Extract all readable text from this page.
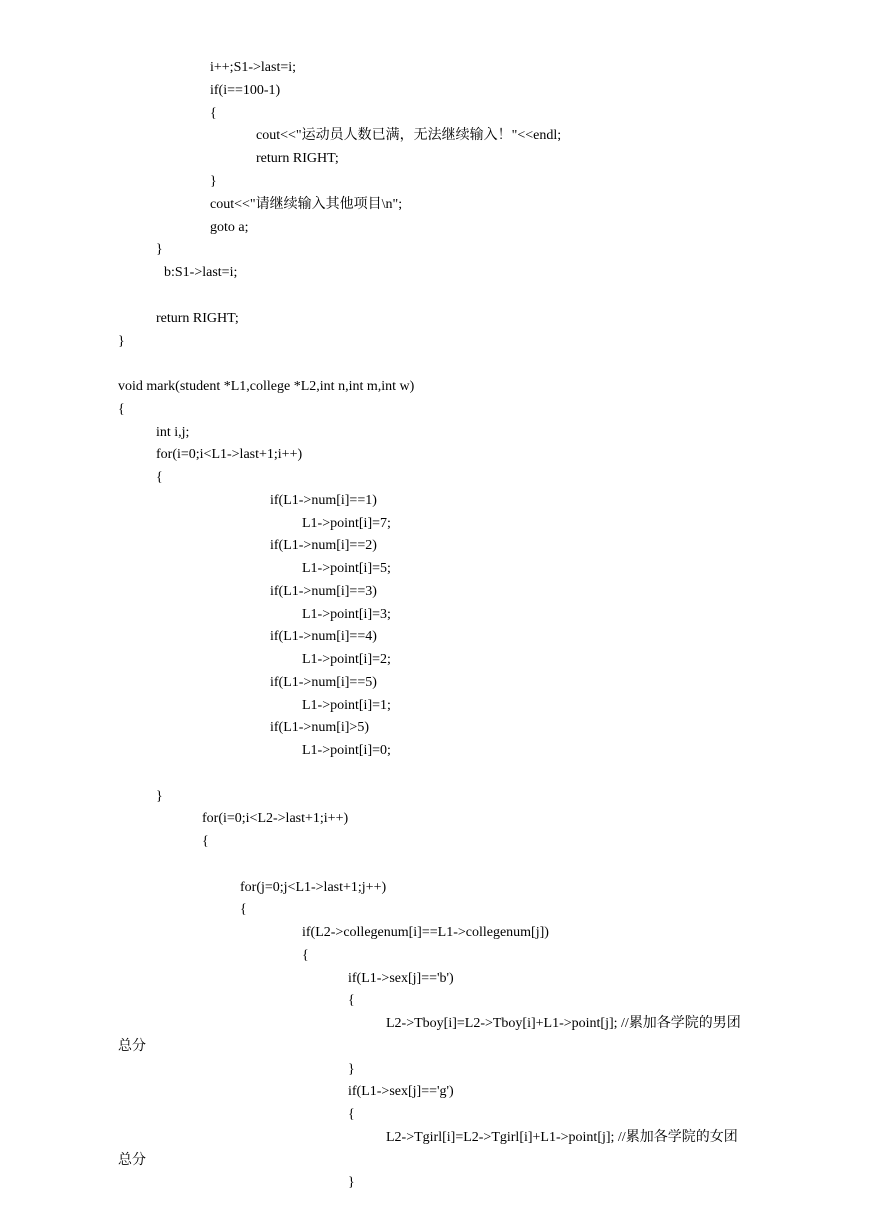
i++;S1->last=i;

if(i==100-1)

{

cout<<"运动员人数已满，无法继续输入！"<<endl;

return RIGHT;

}

cout<<"请继续输入其他项目\n";

goto a;

}

b:S1->last=i;

return RIGHT;

}

void mark(student *L1,college *L2,int n,int m,int w)

{

int i,j;

for(i=0;i<L1->last+1;i++)

{

if(L1->num[i]==1)

L1->point[i]=7;

if(L1->num[i]==2)

L1->point[i]=5;

if(L1->num[i]==3)

L1->point[i]=3;

if(L1->num[i]==4)

L1->point[i]=2;

if(L1->num[i]==5)

L1->point[i]=1;

if(L1->num[i]>5)

L1->point[i]=0;

}

for(i=0;i<L2->last+1;i++)

{

for(j=0;j<L1->last+1;j++)

{

if(L2->collegenum[i]==L1->collegenum[j])

{

if(L1->sex[j]=='b')

{

L2->Tboy[i]=L2->Tboy[i]+L1->point[j]; //累加各学院的男团

总分

}

if(L1->sex[j]=='g')

{

L2->Tgirl[i]=L2->Tgirl[i]+L1->point[j]; //累加各学院的女团

总分

}
